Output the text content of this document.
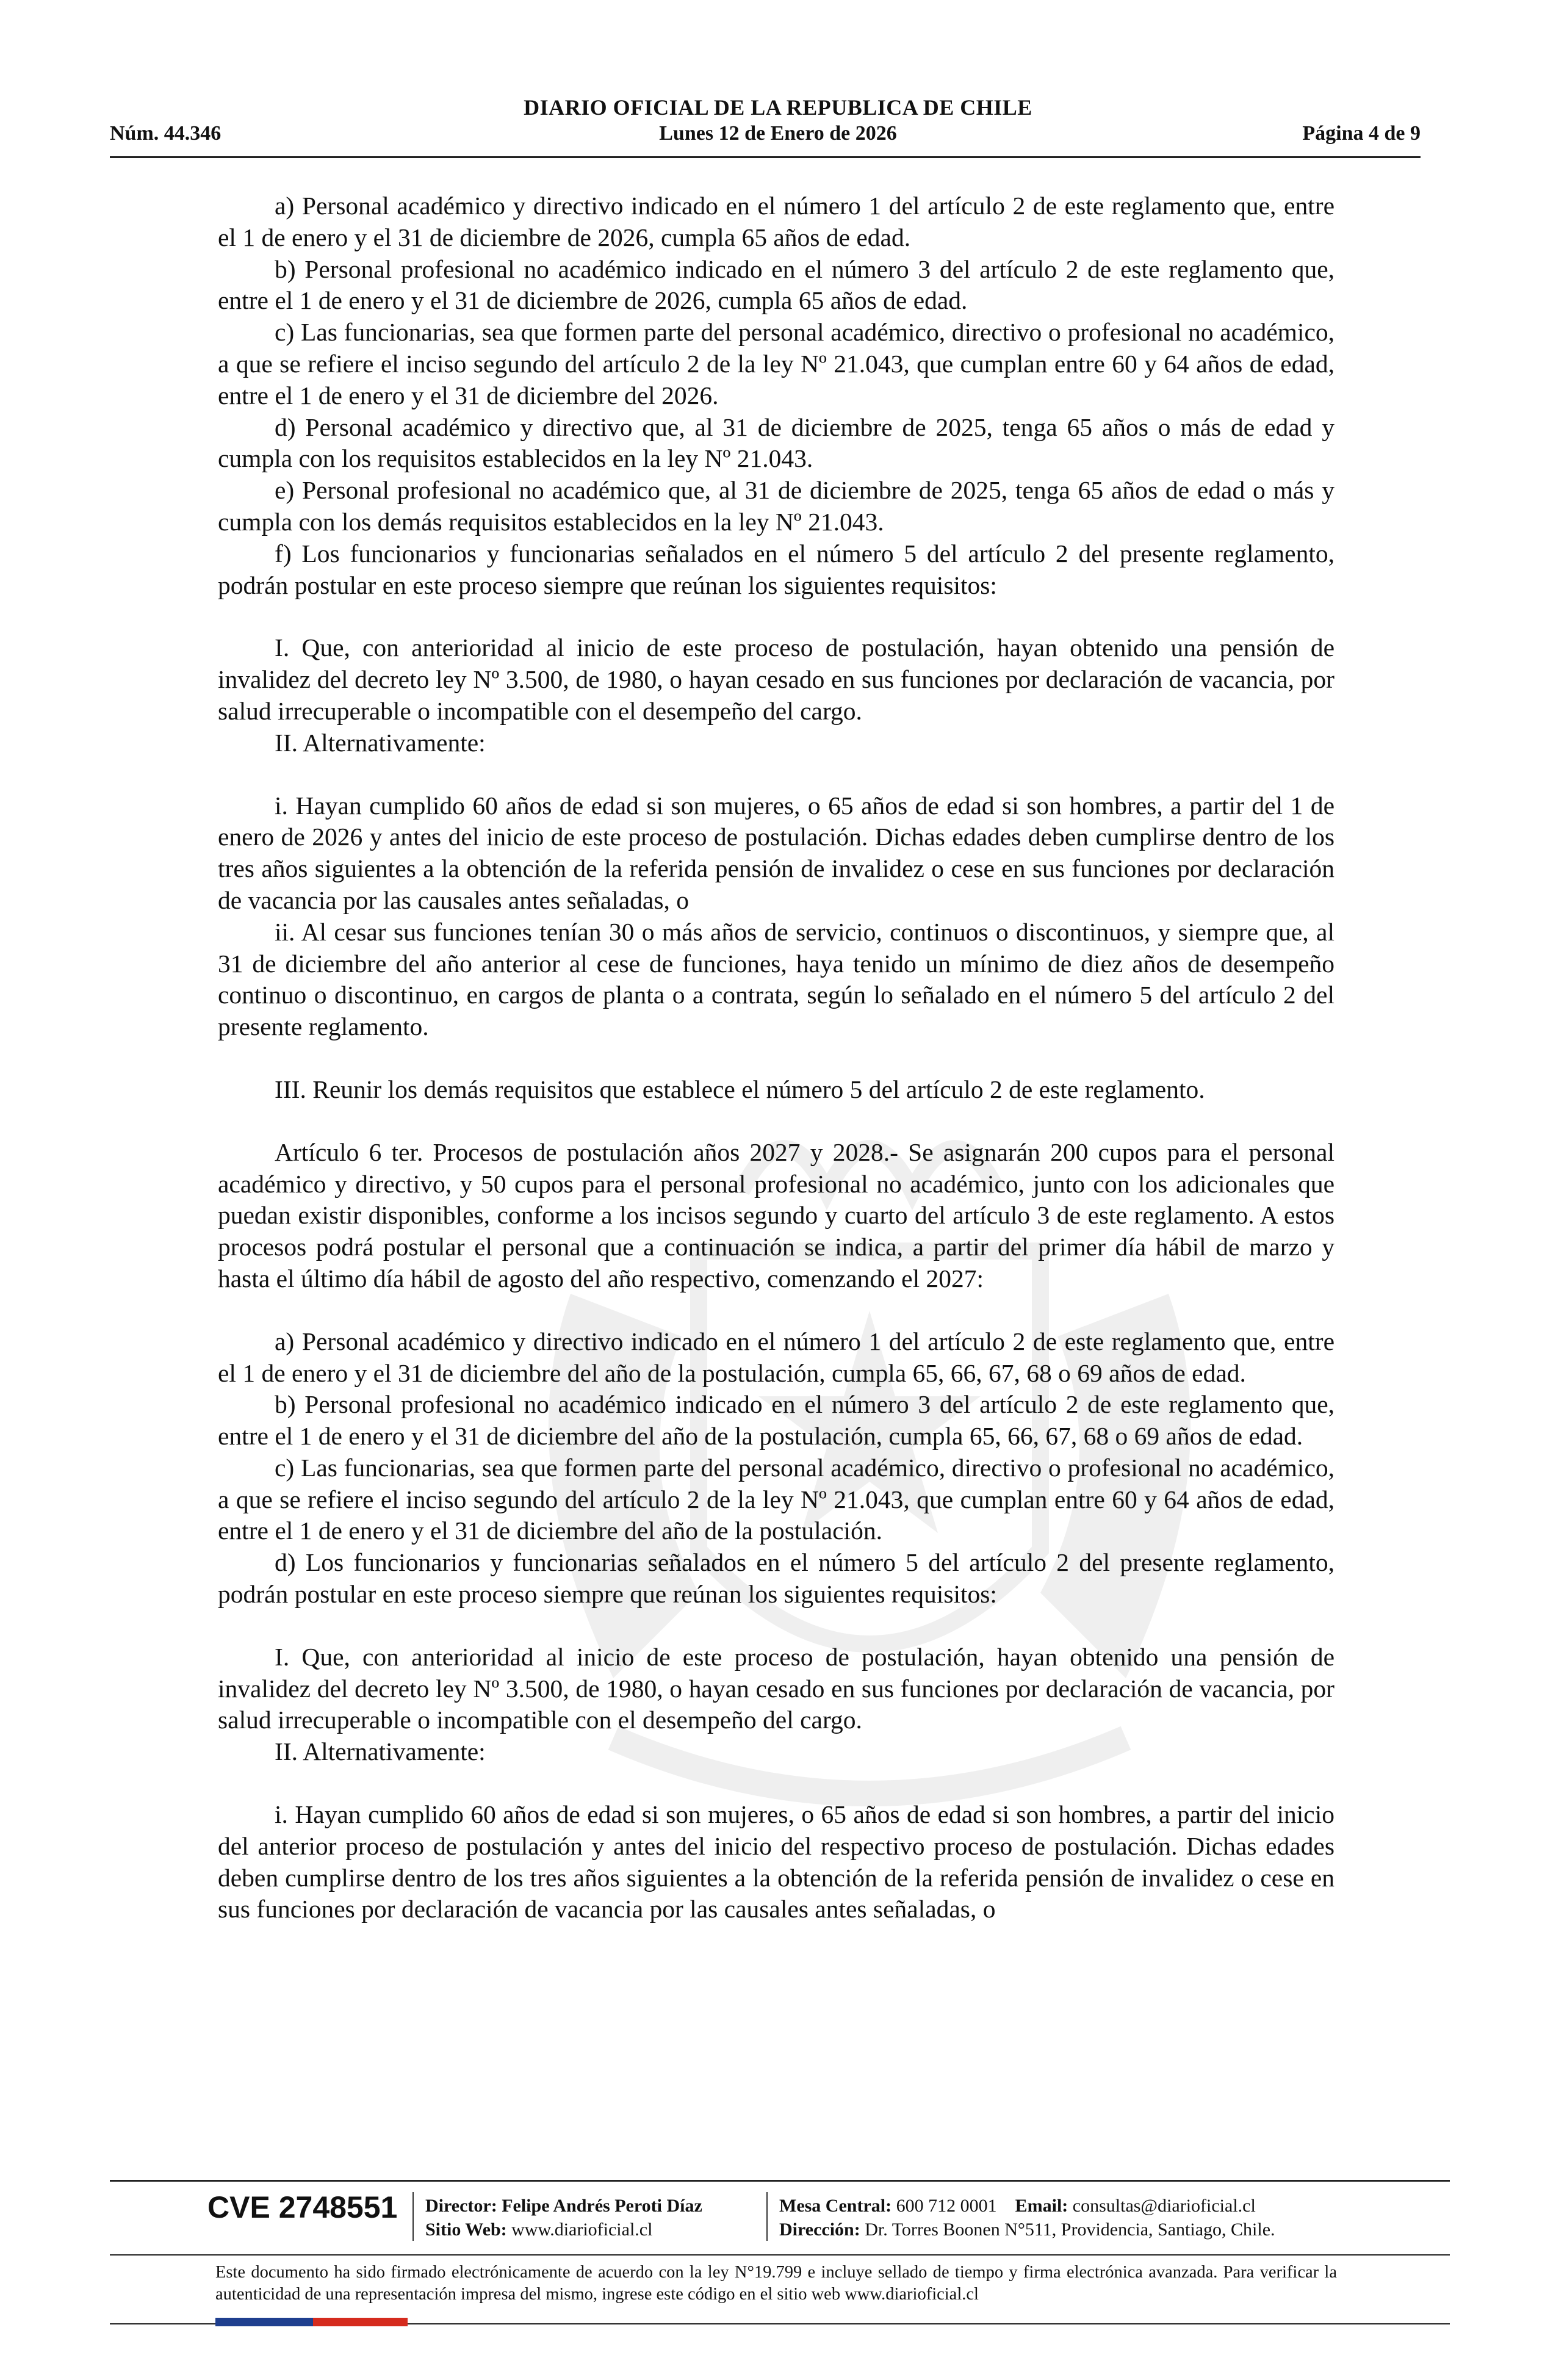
DIARIO OFICIAL DE LA REPUBLICA DE CHILE
Núm. 44.346	Lunes 12 de Enero de 2026	Página 4 de 9

a) Personal académico y directivo indicado en el número 1 del artículo 2 de este reglamento que, entre el 1 de enero y el 31 de diciembre de 2026, cumpla 65 años de edad.

b) Personal profesional no académico indicado en el número 3 del artículo 2 de este reglamento que, entre el 1 de enero y el 31 de diciembre de 2026, cumpla 65 años de edad.

c) Las funcionarias, sea que formen parte del personal académico, directivo o profesional no académico, a que se refiere el inciso segundo del artículo 2 de la ley Nº 21.043, que cumplan entre 60 y 64 años de edad, entre el 1 de enero y el 31 de diciembre del 2026.

d) Personal académico y directivo que, al 31 de diciembre de 2025, tenga 65 años o más de edad y cumpla con los requisitos establecidos en la ley Nº 21.043.

e) Personal profesional no académico que, al 31 de diciembre de 2025, tenga 65 años de edad o más y cumpla con los demás requisitos establecidos en la ley Nº 21.043.

f) Los funcionarios y funcionarias señalados en el número 5 del artículo 2 del presente reglamento, podrán postular en este proceso siempre que reúnan los siguientes requisitos:

I. Que, con anterioridad al inicio de este proceso de postulación, hayan obtenido una pensión de invalidez del decreto ley Nº 3.500, de 1980, o hayan cesado en sus funciones por declaración de vacancia, por salud irrecuperable o incompatible con el desempeño del cargo.

II. Alternativamente:

i. Hayan cumplido 60 años de edad si son mujeres, o 65 años de edad si son hombres, a partir del 1 de enero de 2026 y antes del inicio de este proceso de postulación. Dichas edades deben cumplirse dentro de los tres años siguientes a la obtención de la referida pensión de invalidez o cese en sus funciones por declaración de vacancia por las causales antes señaladas, o

ii. Al cesar sus funciones tenían 30 o más años de servicio, continuos o discontinuos, y siempre que, al 31 de diciembre del año anterior al cese de funciones, haya tenido un mínimo de diez años de desempeño continuo o discontinuo, en cargos de planta o a contrata, según lo señalado en el número 5 del artículo 2 del presente reglamento.

III. Reunir los demás requisitos que establece el número 5 del artículo 2 de este reglamento.

Artículo 6 ter. Procesos de postulación años 2027 y 2028.- Se asignarán 200 cupos para el personal académico y directivo, y 50 cupos para el personal profesional no académico, junto con los adicionales que puedan existir disponibles, conforme a los incisos segundo y cuarto del artículo 3 de este reglamento. A estos procesos podrá postular el personal que a continuación se indica, a partir del primer día hábil de marzo y hasta el último día hábil de agosto del año respectivo, comenzando el 2027:

a) Personal académico y directivo indicado en el número 1 del artículo 2 de este reglamento que, entre el 1 de enero y el 31 de diciembre del año de la postulación, cumpla 65, 66, 67, 68 o 69 años de edad.

b) Personal profesional no académico indicado en el número 3 del artículo 2 de este reglamento que, entre el 1 de enero y el 31 de diciembre del año de la postulación, cumpla 65, 66, 67, 68 o 69 años de edad.

c) Las funcionarias, sea que formen parte del personal académico, directivo o profesional no académico, a que se refiere el inciso segundo del artículo 2 de la ley Nº 21.043, que cumplan entre 60 y 64 años de edad, entre el 1 de enero y el 31 de diciembre del año de la postulación.

d) Los funcionarios y funcionarias señalados en el número 5 del artículo 2 del presente reglamento, podrán postular en este proceso siempre que reúnan los siguientes requisitos:

I. Que, con anterioridad al inicio de este proceso de postulación, hayan obtenido una pensión de invalidez del decreto ley Nº 3.500, de 1980, o hayan cesado en sus funciones por declaración de vacancia, por salud irrecuperable o incompatible con el desempeño del cargo.

II. Alternativamente:

i. Hayan cumplido 60 años de edad si son mujeres, o 65 años de edad si son hombres, a partir del inicio del anterior proceso de postulación y antes del inicio del respectivo proceso de postulación. Dichas edades deben cumplirse dentro de los tres años siguientes a la obtención de la referida pensión de invalidez o cese en sus funciones por declaración de vacancia por las causales antes señaladas, o

CVE 2748551 Director: Felipe Andrés Peroti Díaz
Sitio Web: www.diarioficial.cl
Mesa Central: 600 712 0001 Email: consultas@diarioficial.cl
Dirección: Dr. Torres Boonen N°511, Providencia, Santiago, Chile.
Este documento ha sido firmado electrónicamente de acuerdo con la ley N°19.799 e incluye sellado de tiempo y firma electrónica avanzada. Para verificar la autenticidad de una representación impresa del mismo, ingrese este código en el sitio web www.diarioficial.cl
